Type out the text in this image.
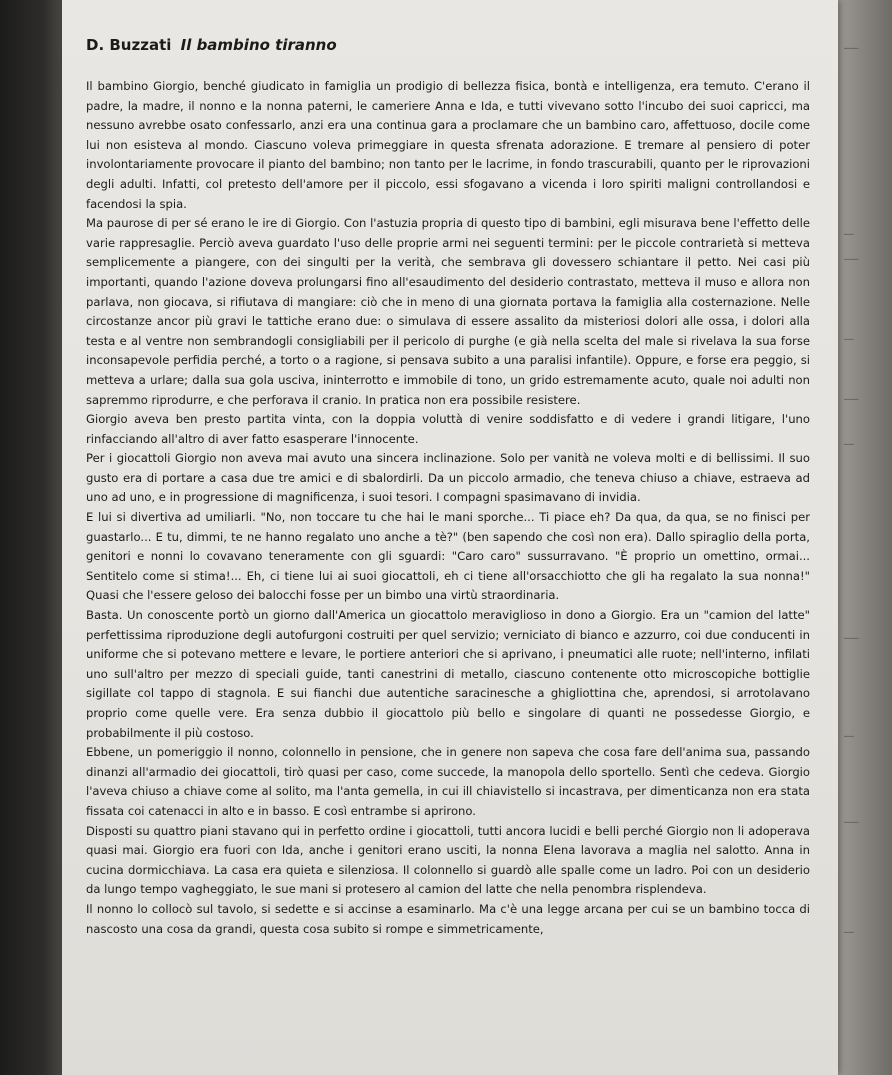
───
──
───
──
───
──
───
──
───
──
D. Buzzati Il bambino tiranno

Il bambino Giorgio, benché giudicato in famiglia un prodigio di bellezza fisica, bontà e intelligenza, era temuto. C'erano il padre, la madre, il nonno e la nonna paterni, le cameriere Anna e Ida, e tutti vivevano sotto l'incubo dei suoi capricci, ma nessuno avrebbe osato confessarlo, anzi era una continua gara a proclamare che un bambino caro, affettuoso, docile come lui non esisteva al mondo. Ciascuno voleva primeggiare in questa sfrenata adorazione. E tremare al pensiero di poter involontariamente provocare il pianto del bambino; non tanto per le lacrime, in fondo trascurabili, quanto per le riprovazioni degli adulti. Infatti, col pretesto dell'amore per il piccolo, essi sfogavano a vicenda i loro spiriti maligni controllandosi e facendosi la spia.

Ma paurose di per sé erano le ire di Giorgio. Con l'astuzia propria di questo tipo di bambini, egli misurava bene l'effetto delle varie rappresaglie. Perciò aveva guardato l'uso delle proprie armi nei seguenti termini: per le piccole contrarietà si metteva semplicemente a piangere, con dei singulti per la verità, che sembrava gli dovessero schiantare il petto. Nei casi più importanti, quando l'azione doveva prolungarsi fino all'esaudimento del desiderio contrastato, metteva il muso e allora non parlava, non giocava, si rifiutava di mangiare: ciò che in meno di una giornata portava la famiglia alla costernazione. Nelle circostanze ancor più gravi le tattiche erano due: o simulava di essere assalito da misteriosi dolori alle ossa, i dolori alla testa e al ventre non sembrandogli consigliabili per il pericolo di purghe (e già nella scelta del male si rivelava la sua forse inconsapevole perfidia perché, a torto o a ragione, si pensava subito a una paralisi infantile). Oppure, e forse era peggio, si metteva a urlare; dalla sua gola usciva, ininterrotto e immobile di tono, un grido estremamente acuto, quale noi adulti non sapremmo riprodurre, e che perforava il cranio. In pratica non era possibile resistere.

Giorgio aveva ben presto partita vinta, con la doppia voluttà di venire soddisfatto e di vedere i grandi litigare, l'uno rinfacciando all'altro di aver fatto esasperare l'innocente.

Per i giocattoli Giorgio non aveva mai avuto una sincera inclinazione. Solo per vanità ne voleva molti e di bellissimi. Il suo gusto era di portare a casa due tre amici e di sbalordirli. Da un piccolo armadio, che teneva chiuso a chiave, estraeva ad uno ad uno, e in progressione di magnificenza, i suoi tesori. I compagni spasimavano di invidia.

E lui si divertiva ad umiliarli. "No, non toccare tu che hai le mani sporche... Ti piace eh? Da qua, da qua, se no finisci per guastarlo... E tu, dimmi, te ne hanno regalato uno anche a tè?" (ben sapendo che così non era). Dallo spiraglio della porta, genitori e nonni lo covavano teneramente con gli sguardi: "Caro caro" sussurravano. "È proprio un omettino, ormai... Sentitelo come si stima!... Eh, ci tiene lui ai suoi giocattoli, eh ci tiene all'orsacchiotto che gli ha regalato la sua nonna!" Quasi che l'essere geloso dei balocchi fosse per un bimbo una virtù straordinaria.

Basta. Un conoscente portò un giorno dall'America un giocattolo meraviglioso in dono a Giorgio. Era un "camion del latte" perfettissima riproduzione degli autofurgoni costruiti per quel servizio; verniciato di bianco e azzurro, coi due conducenti in uniforme che si potevano mettere e levare, le portiere anteriori che si aprivano, i pneumatici alle ruote; nell'interno, infilati uno sull'altro per mezzo di speciali guide, tanti canestrini di metallo, ciascuno contenente otto microscopiche bottiglie sigillate col tappo di stagnola. E sui fianchi due autentiche saracinesche a ghigliottina che, aprendosi, si arrotolavano proprio come quelle vere. Era senza dubbio il giocattolo più bello e singolare di quanti ne possedesse Giorgio, e probabilmente il più costoso.

Ebbene, un pomeriggio il nonno, colonnello in pensione, che in genere non sapeva che cosa fare dell'anima sua, passando dinanzi all'armadio dei giocattoli, tirò quasi per caso, come succede, la manopola dello sportello. Sentì che cedeva. Giorgio l'aveva chiuso a chiave come al solito, ma l'anta gemella, in cui ill chiavistello si incastrava, per dimenticanza non era stata fissata coi catenacci in alto e in basso. E così entrambe si aprirono.

Disposti su quattro piani stavano qui in perfetto ordine i giocattoli, tutti ancora lucidi e belli perché Giorgio non li adoperava quasi mai. Giorgio era fuori con Ida, anche i genitori erano usciti, la nonna Elena lavorava a maglia nel salotto. Anna in cucina dormicchiava. La casa era quieta e silenziosa. Il colonnello si guardò alle spalle come un ladro. Poi con un desiderio da lungo tempo vagheggiato, le sue mani si protesero al camion del latte che nella penombra risplendeva.

Il nonno lo collocò sul tavolo, si sedette e si accinse a esaminarlo. Ma c'è una legge arcana per cui se un bambino tocca di nascosto una cosa da grandi, questa cosa subito si rompe e simmetricamente,
